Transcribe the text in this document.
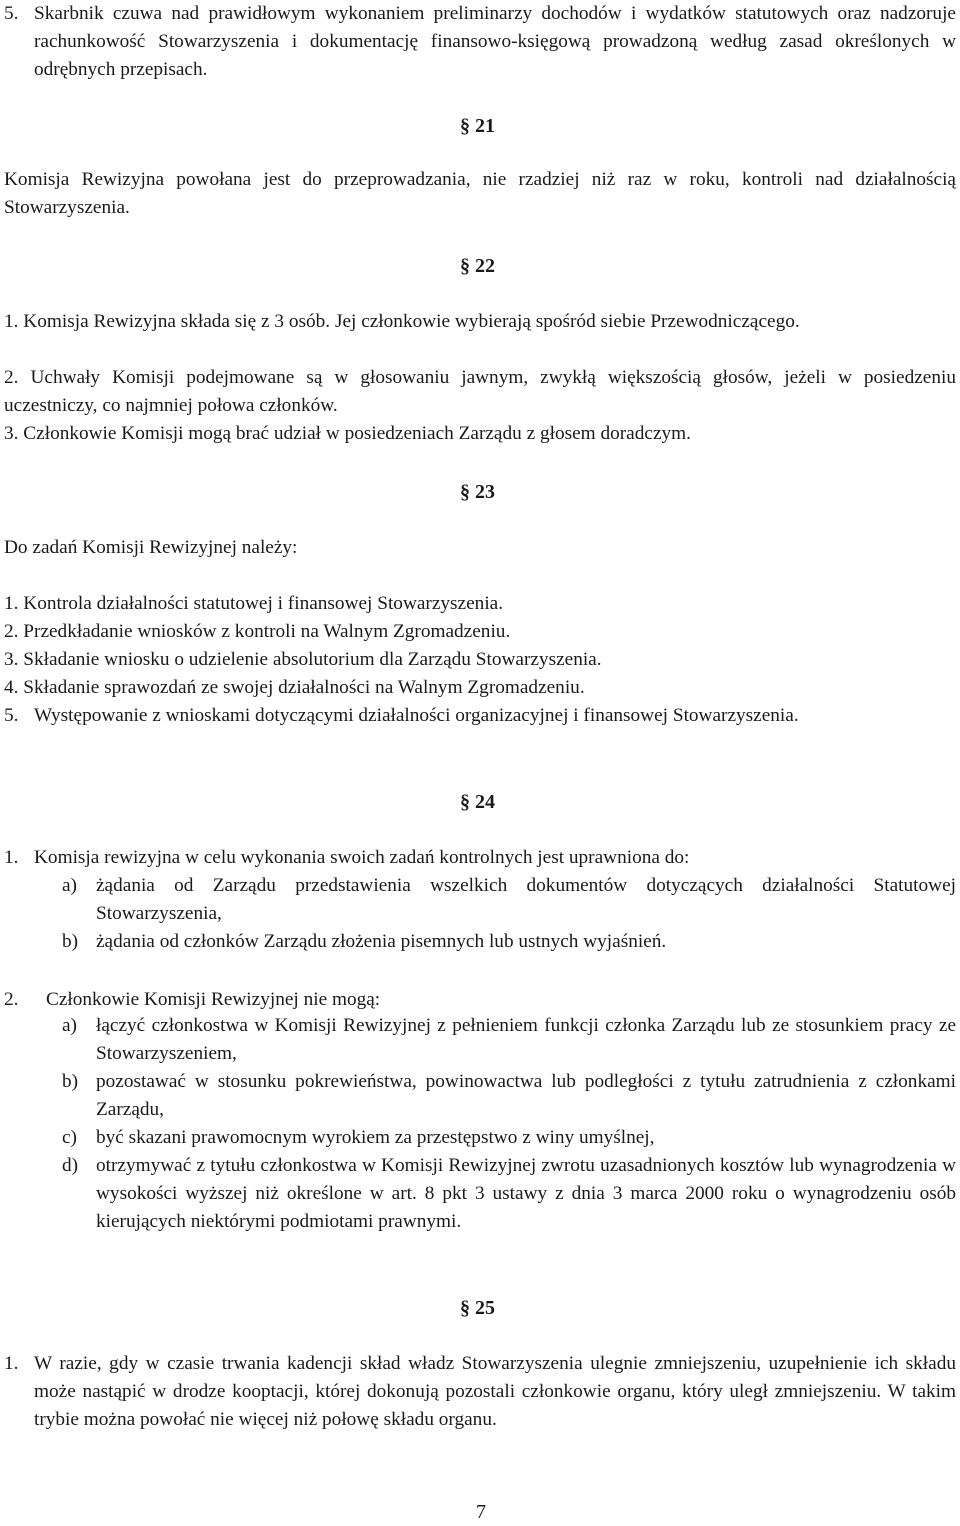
5. Skarbnik czuwa nad prawidłowym wykonaniem preliminarzy dochodów i wydatków statutowych oraz nadzoruje rachunkowość Stowarzyszenia i dokumentację finansowo-księgową prowadzoną według zasad określonych w odrębnych przepisach.
§ 21
Komisja Rewizyjna powołana jest do przeprowadzania, nie rzadziej niż raz w roku, kontroli nad działalnością Stowarzyszenia.
§ 22
1. Komisja Rewizyjna składa się z 3 osób. Jej członkowie wybierają spośród siebie Przewodniczącego.
2. Uchwały Komisji podejmowane są w głosowaniu jawnym, zwykłą większością głosów, jeżeli w posiedzeniu uczestniczy, co najmniej połowa członków.
3. Członkowie Komisji mogą brać udział w posiedzeniach Zarządu z głosem doradczym.
§ 23
Do zadań Komisji Rewizyjnej należy:
1. Kontrola działalności statutowej i finansowej Stowarzyszenia.
2. Przedkładanie wniosków z kontroli na Walnym Zgromadzeniu.
3. Składanie wniosku o udzielenie absolutorium dla Zarządu Stowarzyszenia.
4. Składanie sprawozdań ze swojej działalności na Walnym Zgromadzeniu.
5. Występowanie z wnioskami dotyczącymi działalności organizacyjnej i finansowej Stowarzyszenia.
§ 24
1. Komisja rewizyjna w celu wykonania swoich zadań kontrolnych jest uprawniona do:
a) żądania od Zarządu przedstawienia wszelkich dokumentów dotyczących działalności Statutowej Stowarzyszenia,
b) żądania od członków Zarządu złożenia pisemnych lub ustnych wyjaśnień.
2. Członkowie Komisji Rewizyjnej nie mogą:
a) łączyć członkostwa w Komisji Rewizyjnej z pełnieniem funkcji członka Zarządu lub ze stosunkiem pracy ze Stowarzyszeniem,
b) pozostawać w stosunku pokrewieństwa, powinowactwa lub podległości z tytułu zatrudnienia z członkami Zarządu,
c) być skazani prawomocnym wyrokiem za przestępstwo z winy umyślnej,
d) otrzymywać z tytułu członkostwa w Komisji Rewizyjnej zwrotu uzasadnionych kosztów lub wynagrodzenia w wysokości wyższej niż określone w art. 8 pkt 3 ustawy z dnia 3 marca 2000 roku o wynagrodzeniu osób kierujących niektórymi podmiotami prawnymi.
§ 25
1. W razie, gdy w czasie trwania kadencji skład władz Stowarzyszenia ulegnie zmniejszeniu, uzupełnienie ich składu może nastąpić w drodze kooptacji, której dokonują pozostali członkowie organu, który uległ zmniejszeniu. W takim trybie można powołać nie więcej niż połowę składu organu.
7
